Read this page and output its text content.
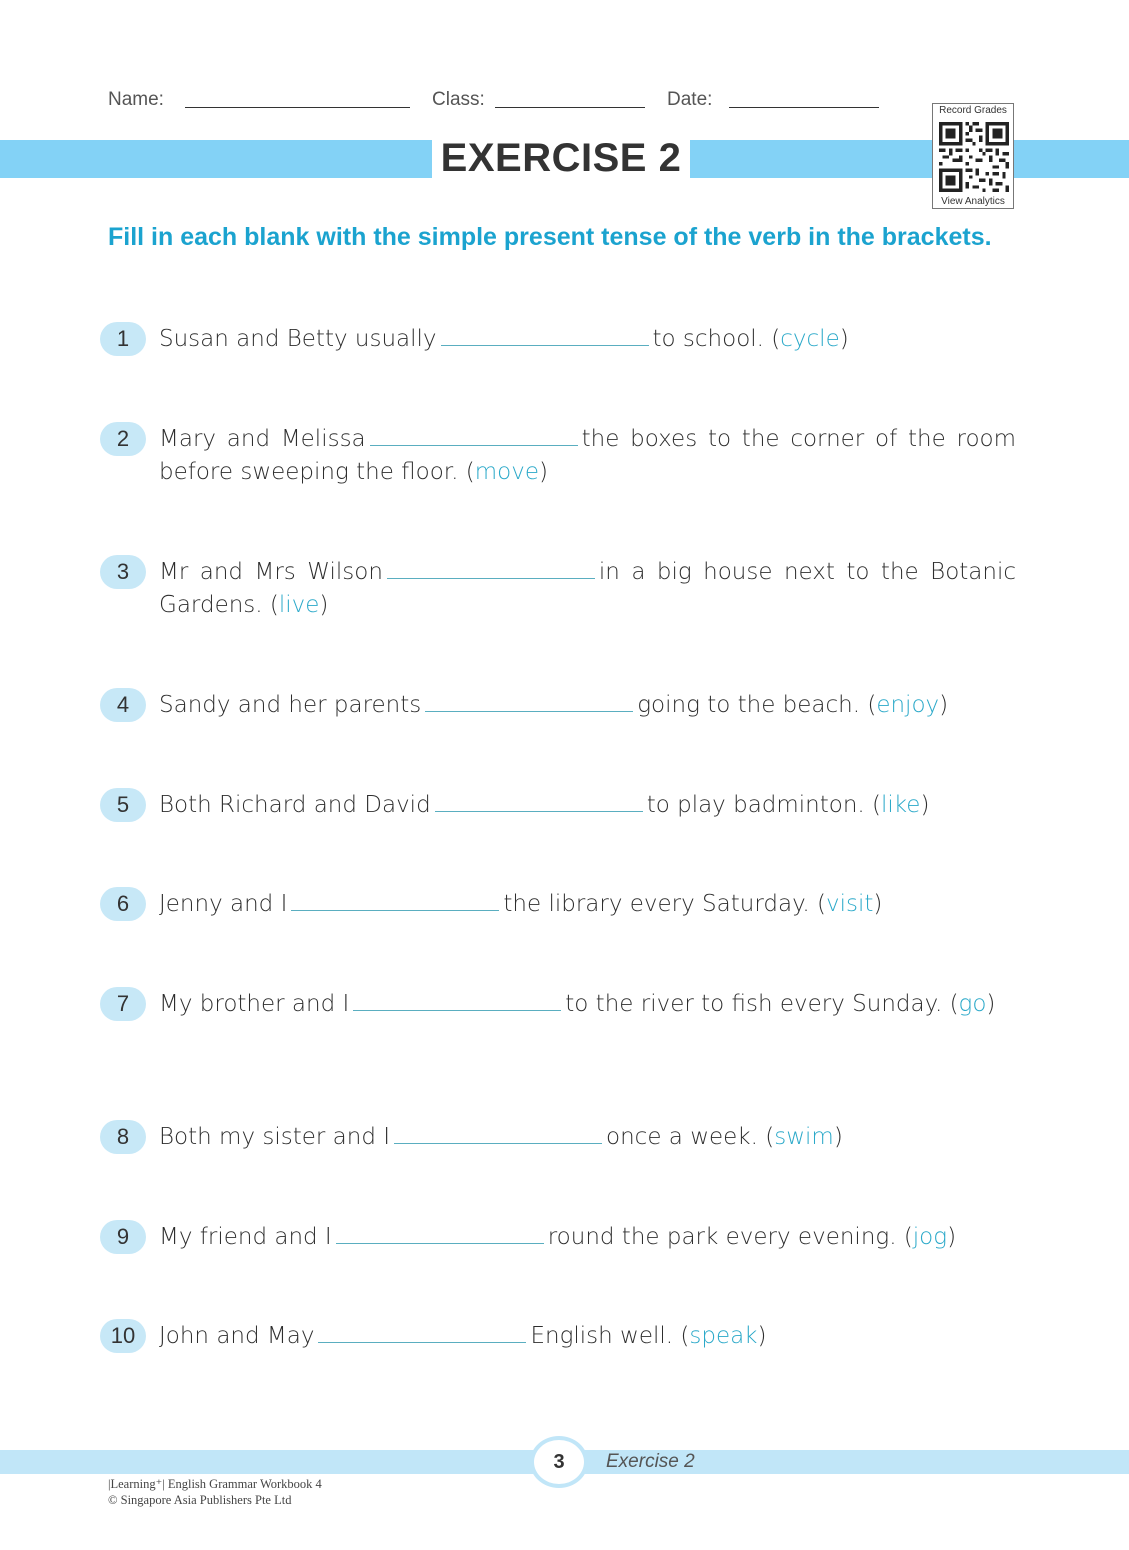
Name:	Class:	Date:
EXERCISE 2
Record Grades
View Analytics
Fill in each blank with the simple present tense of the verb in the brackets.
1	Susan and Betty usually	to school. (cycle)
2	Mary and Melissa	the boxes to the corner of the room before sweeping the floor. (move)
3	Mr and Mrs Wilson	in a big house next to the Botanic Gardens. (live)
4	Sandy and her parents	going to the beach. (enjoy)
5	Both Richard and David	to play badminton. (like)
6	Jenny and I	the library every Saturday. (visit)
7	My brother and I	to the river to fish every Sunday. (go)
8	Both my sister and I	once a week. (swim)
9	My friend and I	round the park every evening. (jog)
10	John and May	English well. (speak)
3	Exercise 2
|Learning⁺| English Grammar Workbook 4
© Singapore Asia Publishers Pte Ltd
